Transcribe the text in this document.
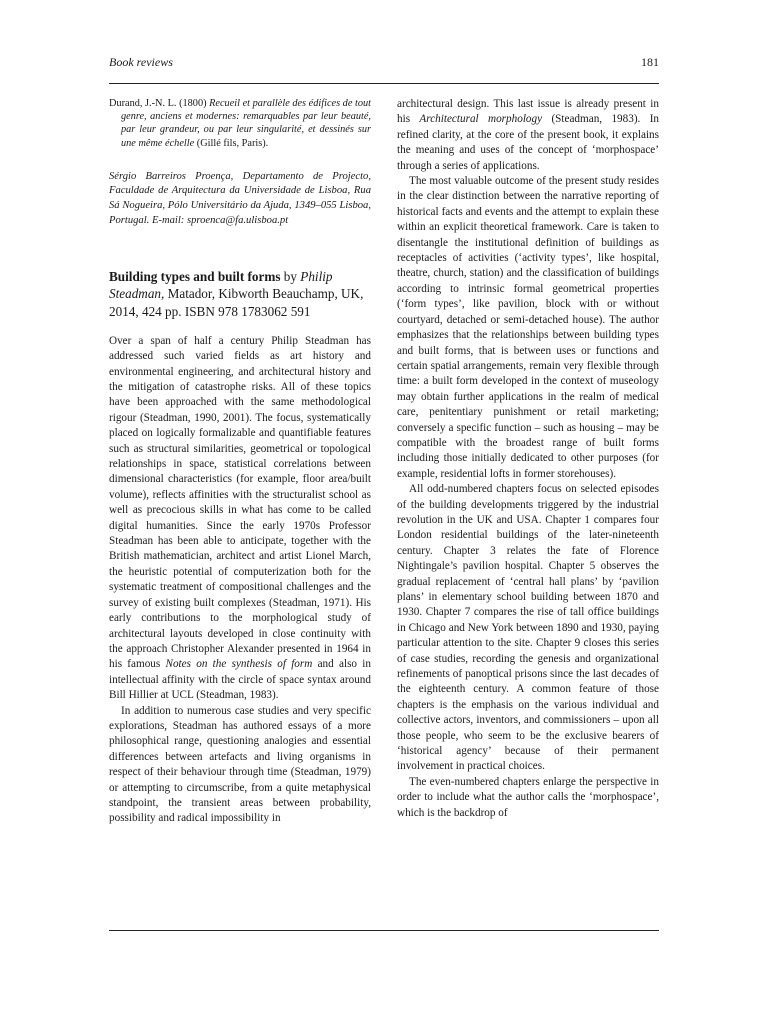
Book reviews	181

Durand, J.-N. L. (1800) Recueil et parallèle des édifices de tout genre, anciens et modernes: remarquables par leur beauté, par leur grandeur, ou par leur singularité, et dessinés sur une même échelle (Gillé fils, Paris).

Sérgio Barreiros Proença, Departamento de Projecto, Faculdade de Arquitectura da Universidade de Lisboa, Rua Sá Nogueira, Pólo Universitário da Ajuda, 1349–055 Lisboa, Portugal. E-mail: sproenca@fa.ulisboa.pt

Building types and built forms by Philip Steadman, Matador, Kibworth Beauchamp, UK, 2014, 424 pp. ISBN 978 1783062 591

Over a span of half a century Philip Steadman has addressed such varied fields as art history and environmental engineering, and architectural history and the mitigation of catastrophe risks. All of these topics have been approached with the same methodological rigour (Steadman, 1990, 2001). The focus, systematically placed on logically formalizable and quantifiable features such as structural similarities, geometrical or topological relationships in space, statistical correlations between dimensional characteristics (for example, floor area/built volume), reflects affinities with the structuralist school as well as precocious skills in what has come to be called digital humanities. Since the early 1970s Professor Steadman has been able to anticipate, together with the British mathematician, architect and artist Lionel March, the heuristic potential of computerization both for the systematic treatment of compositional challenges and the survey of existing built complexes (Steadman, 1971). His early contributions to the morphological study of architectural layouts developed in close continuity with the approach Christopher Alexander presented in 1964 in his famous Notes on the synthesis of form and also in intellectual affinity with the circle of space syntax around Bill Hillier at UCL (Steadman, 1983).

In addition to numerous case studies and very specific explorations, Steadman has authored essays of a more philosophical range, questioning analogies and essential differences between artefacts and living organisms in respect of their behaviour through time (Steadman, 1979) or attempting to circumscribe, from a quite metaphysical standpoint, the transient areas between probability, possibility and radical impossibility in

architectural design. This last issue is already present in his Architectural morphology (Steadman, 1983). In refined clarity, at the core of the present book, it explains the meaning and uses of the concept of ‘morphospace’ through a series of applications.

The most valuable outcome of the present study resides in the clear distinction between the narrative reporting of historical facts and events and the attempt to explain these within an explicit theoretical framework. Care is taken to disentangle the institutional definition of buildings as receptacles of activities (‘activity types’, like hospital, theatre, church, station) and the classification of buildings according to intrinsic formal geometrical properties (‘form types’, like pavilion, block with or without courtyard, detached or semi-detached house). The author emphasizes that the relationships between building types and built forms, that is between uses or functions and certain spatial arrangements, remain very flexible through time: a built form developed in the context of museology may obtain further applications in the realm of medical care, penitentiary punishment or retail marketing; conversely a specific function – such as housing – may be compatible with the broadest range of built forms including those initially dedicated to other purposes (for example, residential lofts in former storehouses).

All odd-numbered chapters focus on selected episodes of the building developments triggered by the industrial revolution in the UK and USA. Chapter 1 compares four London residential buildings of the later-nineteenth century. Chapter 3 relates the fate of Florence Nightingale’s pavilion hospital. Chapter 5 observes the gradual replacement of ‘central hall plans’ by ‘pavilion plans’ in elementary school building between 1870 and 1930. Chapter 7 compares the rise of tall office buildings in Chicago and New York between 1890 and 1930, paying particular attention to the site. Chapter 9 closes this series of case studies, recording the genesis and organizational refinements of panoptical prisons since the last decades of the eighteenth century. A common feature of those chapters is the emphasis on the various individual and collective actors, inventors, and commissioners – upon all those people, who seem to be the exclusive bearers of ‘historical agency’ because of their permanent involvement in practical choices.

The even-numbered chapters enlarge the perspective in order to include what the author calls the ‘morphospace’, which is the backdrop of
